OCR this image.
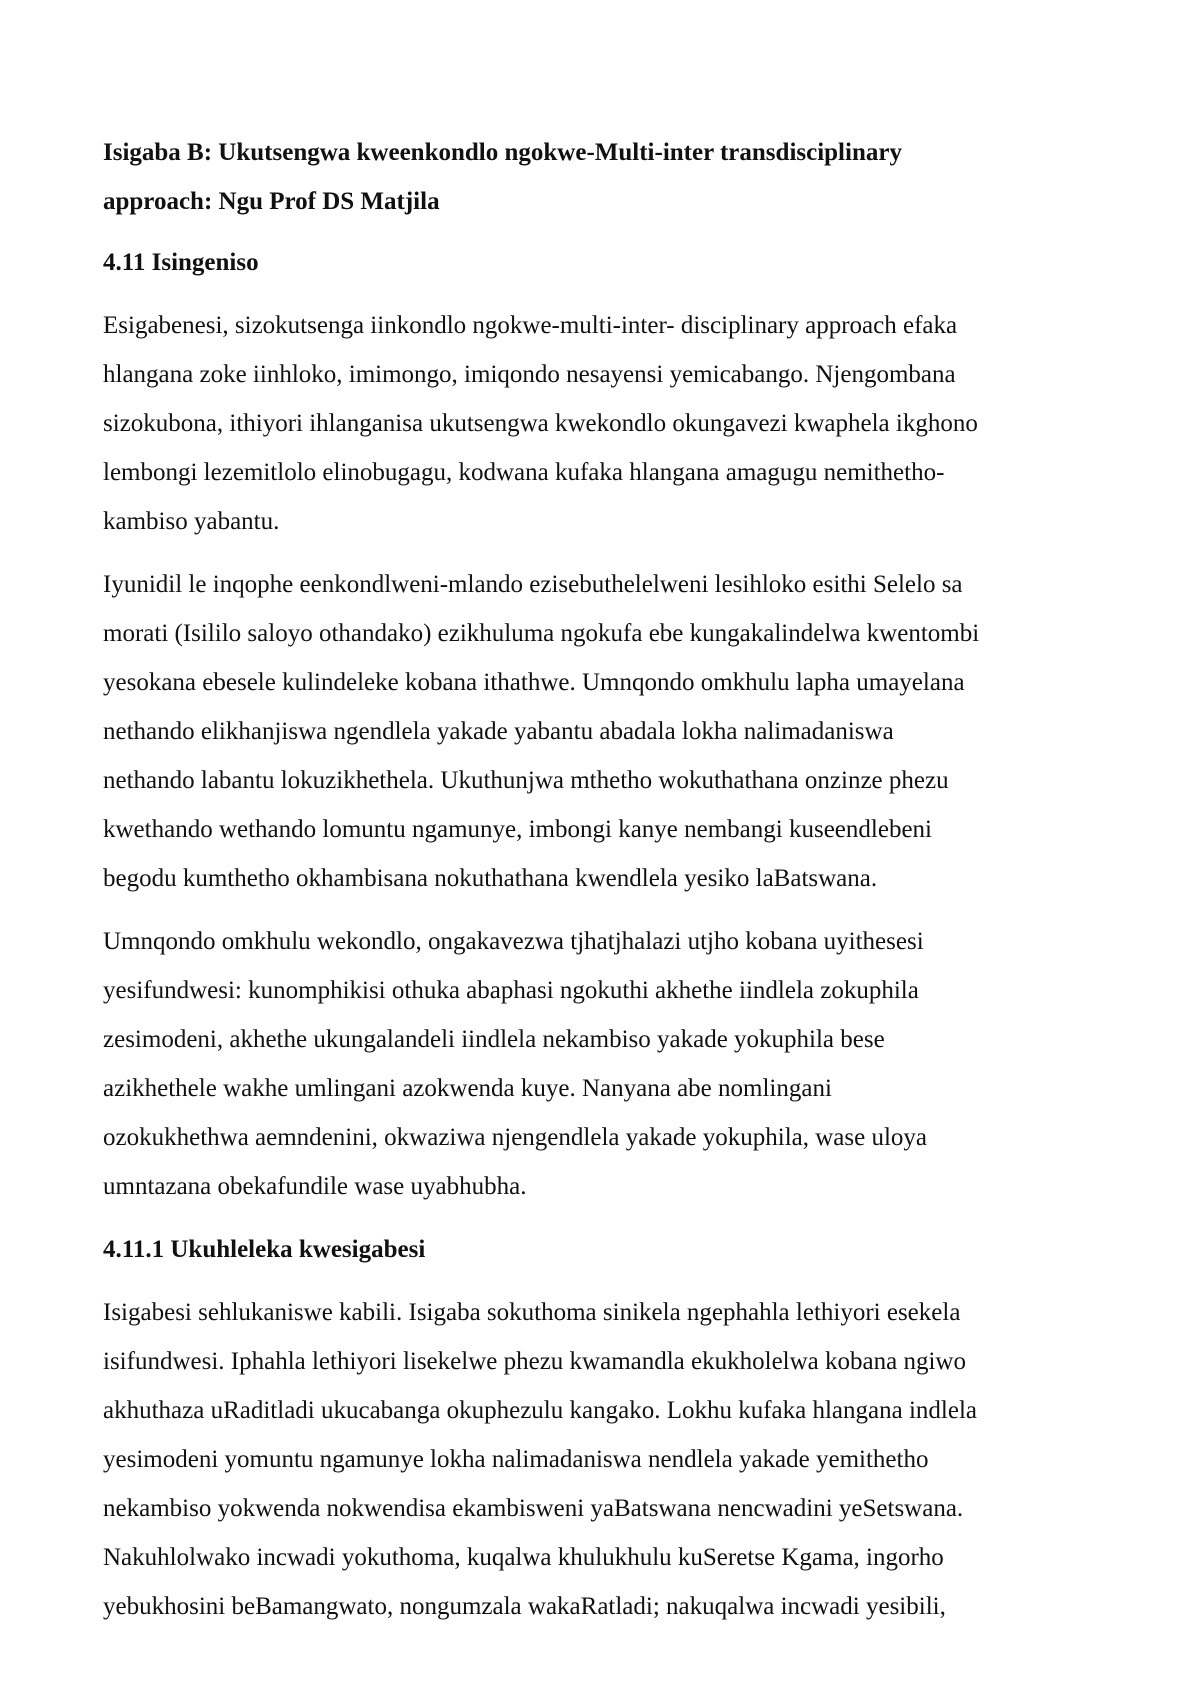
Isigaba B: Ukutsengwa kweenkondlo ngokwe-Multi-inter transdisciplinary
approach: Ngu Prof DS Matjila
4.11 Isingeniso
Esigabenesi, sizokutsenga iinkondlo ngokwe-multi-inter- disciplinary approach efaka
hlangana zoke iinhloko, imimongo, imiqondo nesayensi yemicabango. Njengombana
sizokubona, ithiyori ihlanganisa ukutsengwa kwekondlo okungavezi kwaphela ikghono
lembongi lezemitlolo elinobugagu, kodwana kufaka hlangana amagugu nemithetho-
kambiso yabantu.
Iyunidil le inqophe eenkondlweni-mlando ezisebuthelelweni lesihloko esithi Selelo sa
morati (Isililo saloyo othandako) ezikhuluma ngokufa ebe kungakalindelwa kwentombi
yesokana ebesele kulindeleke kobana ithathwe. Umnqondo omkhulu lapha umayelana
nethando elikhanjiswa ngendlela yakade yabantu abadala lokha nalimadaniswa
nethando labantu lokuzikhethela. Ukuthunjwa mthetho wokuthathana onzinze phezu
kwethando wethando lomuntu ngamunye, imbongi kanye nembangi kuseendlebeni
begodu kumthetho okhambisana nokuthathana kwendlela yesiko laBatswana.
Umnqondo omkhulu wekondlo, ongakavezwa tjhatjhalazi utjho kobana uyithesesi
yesifundwesi: kunomphikisi othuka abaphasi ngokuthi akhethe iindlela zokuphila
zesimodeni, akhethe ukungalandeli iindlela nekambiso yakade yokuphila bese
azikhethele wakhe umlingani azokwenda kuye. Nanyana abe nomlingani
ozokukhethwa aemndenini, okwaziwa njengendlela yakade yokuphila, wase uloya
umntazana obekafundile wase uyabhubha.
4.11.1 Ukuhleleka kwesigabesi
Isigabesi sehlukaniswe kabili. Isigaba sokuthoma sinikela ngephahla lethiyori esekela
isifundwesi. Iphahla lethiyori lisekelwe phezu kwamandla ekukholelwa kobana ngiwo
akhuthaza uRaditladi ukucabanga okuphezulu kangako. Lokhu kufaka hlangana indlela
yesimodeni yomuntu ngamunye lokha nalimadaniswa nendlela yakade yemithetho
nekambiso yokwenda nokwendisa ekambisweni yaBatswana nencwadini yeSetswana.
Nakuhlolwako incwadi yokuthoma, kuqalwa khulukhulu kuSeretse Kgama, ingorho
yebukhosini beBamangwato, nongumzala wakaRatladi; nakuqalwa incwadi yesibili,
